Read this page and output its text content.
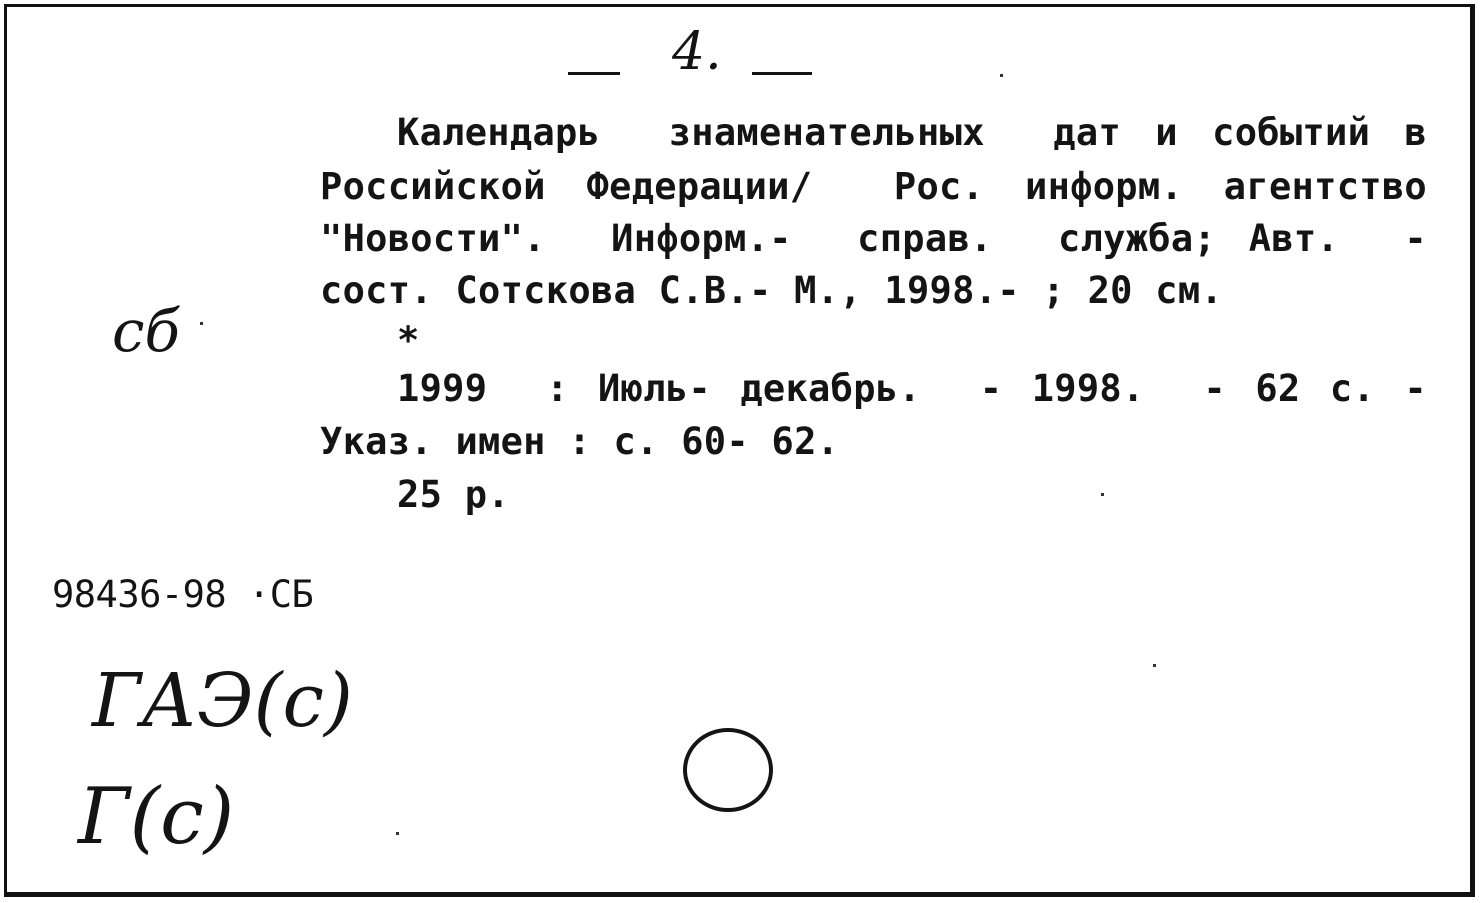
4.
Календарь  знаменательных  дат и событий в
Российской Федерации/  Рос. информ. агентство
"Новости".  Информ.-  справ.  служба; Авт.  -
сост. Сотскова С.В.- М., 1998.- ; 20 см.
*
1999  : Июль- декабрь.  - 1998.  - 62 с. -
Указ. имен : с. 60- 62.
25 р.
сб
98436-98 ·СБ
ГАЭ(с)
Г(с)
